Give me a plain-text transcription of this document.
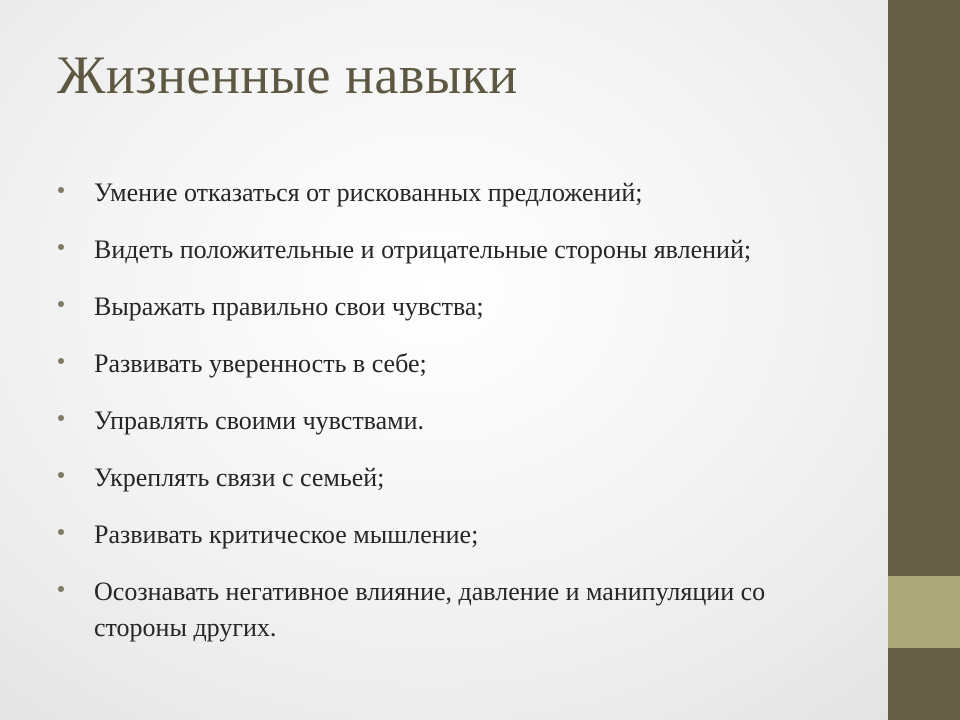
Жизненные навыки
Умение отказаться от рискованных предложений;
Видеть положительные и отрицательные стороны явлений;
Выражать правильно свои чувства;
Развивать уверенность в себе;
Управлять своими чувствами.
Укреплять связи с семьей;
Развивать критическое мышление;
Осознавать негативное влияние, давление и манипуляции со стороны других.
